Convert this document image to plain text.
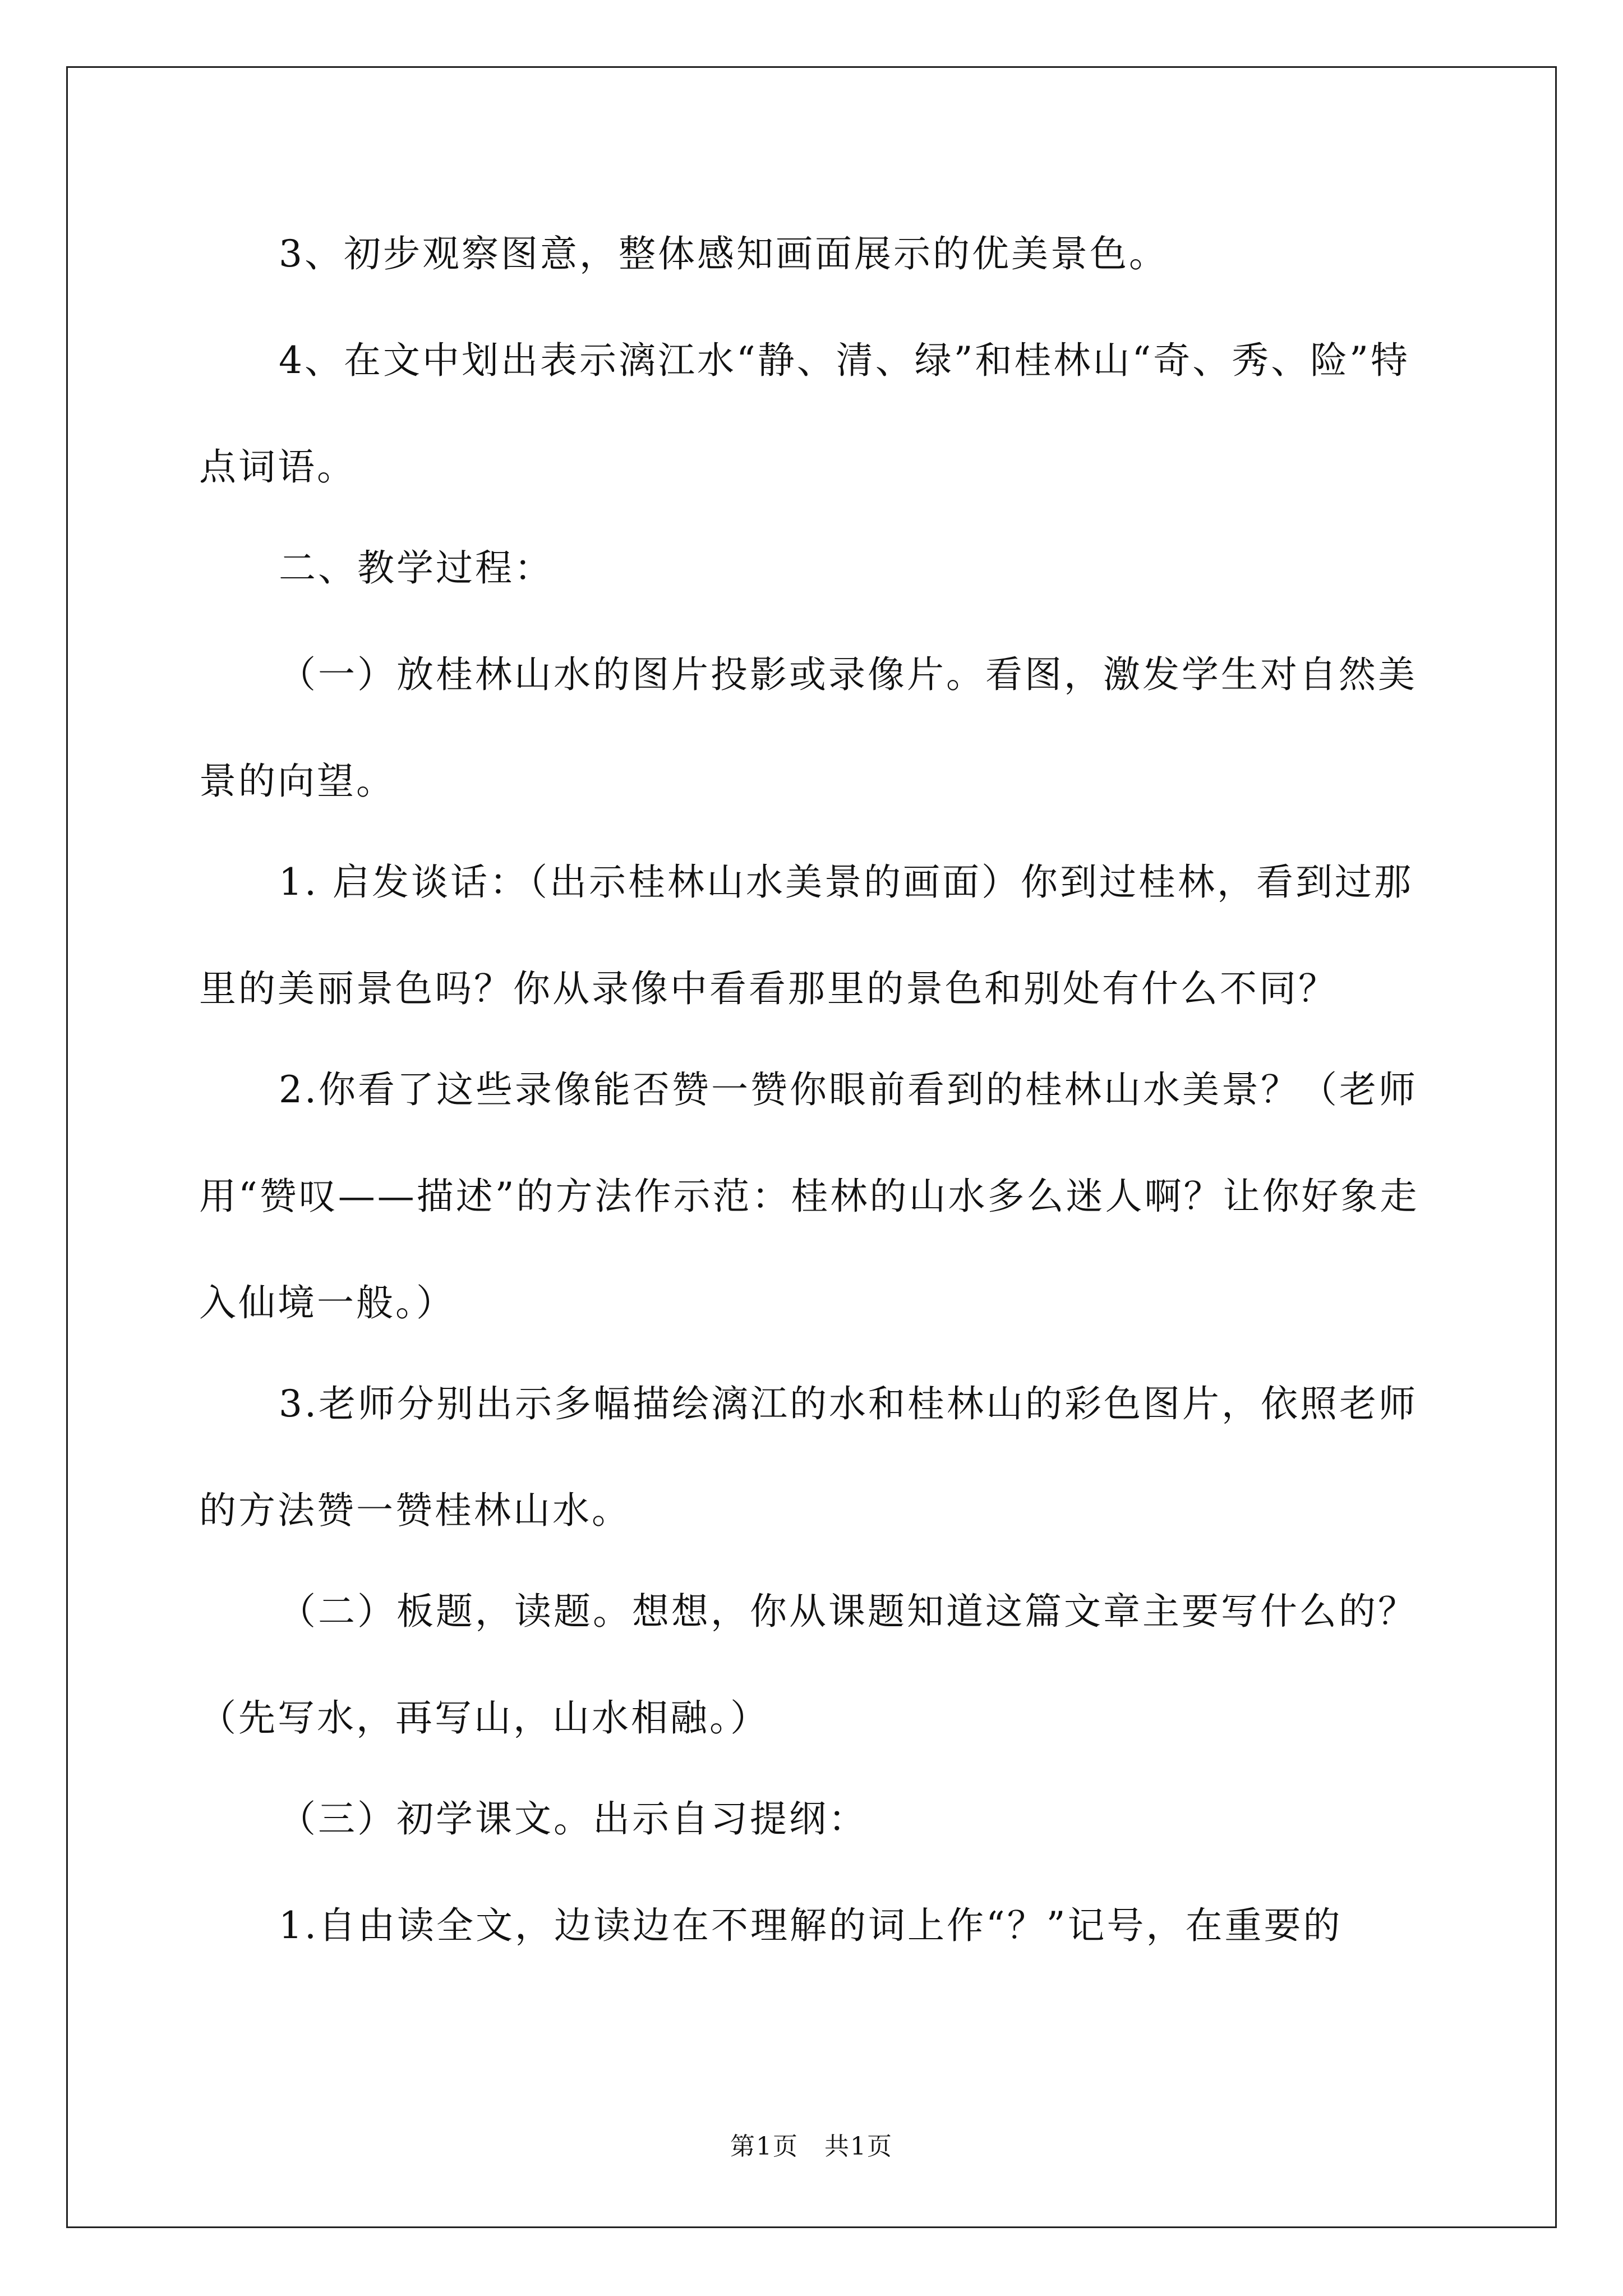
3、初步观察图意，整体感知画面展示的优美景色。

4、在文中划出表示漓江水“静、清、绿”和桂林山“奇、秀、险”特点词语。

二、教学过程：

（一）放桂林山水的图片投影或录像片。看图，激发学生对自然美景的向望。

1. 启发谈话：（出示桂林山水美景的画面）你到过桂林，看到过那里的美丽景色吗？你从录像中看看那里的景色和别处有什么不同？

2.你看了这些录像能否赞一赞你眼前看到的桂林山水美景？（老师用“赞叹——描述”的方法作示范：桂林的山水多么迷人啊？让你好象走入仙境一般。）

3.老师分别出示多幅描绘漓江的水和桂林山的彩色图片，依照老师的方法赞一赞桂林山水。

（二）板题，读题。想想，你从课题知道这篇文章主要写什么的？（先写水，再写山，山水相融。）

（三）初学课文。出示自习提纲：

1.自由读全文，边读边在不理解的词上作“？”记号，在重要的

第1页　共1页
